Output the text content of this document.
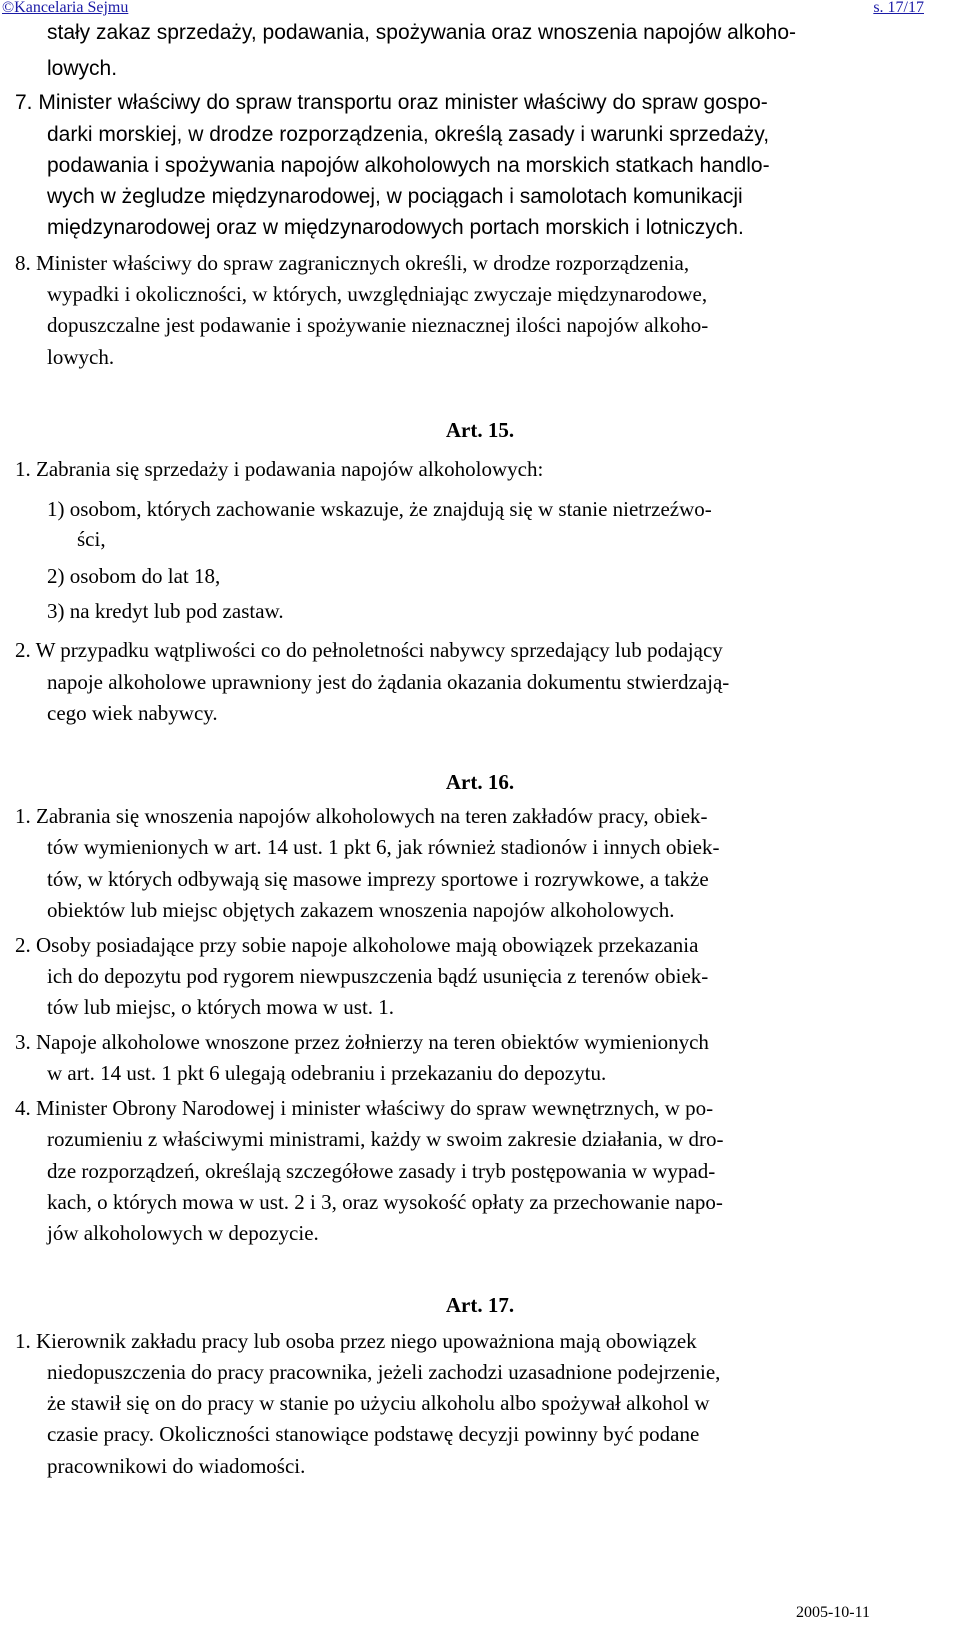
©Kancelaria Sejmu	s. 17/17
stały zakaz sprzedaży, podawania, spożywania oraz wnoszenia napojów alkoho-
lowych.
7. Minister właściwy do spraw transportu oraz minister właściwy do spraw gospo-
darki morskiej, w drodze rozporządzenia, określą zasady i warunki sprzedaży,
podawania i spożywania napojów alkoholowych na morskich statkach handlo-
wych w żegludze międzynarodowej, w pociągach i samolotach komunikacji
międzynarodowej oraz w międzynarodowych portach morskich i lotniczych.
8. Minister właściwy do spraw zagranicznych określi, w drodze rozporządzenia,
wypadki i okoliczności, w których, uwzględniając zwyczaje międzynarodowe,
dopuszczalne jest podawanie i spożywanie nieznacznej ilości napojów alkoho-
lowych.
Art. 15.
1. Zabrania się sprzedaży i podawania napojów alkoholowych:
1) osobom, których zachowanie wskazuje, że znajdują się w stanie nietrzeźwo-
ści,
2) osobom do lat 18,
3) na kredyt lub pod zastaw.
2. W przypadku wątpliwości co do pełnoletności nabywcy sprzedający lub podający
napoje alkoholowe uprawniony jest do żądania okazania dokumentu stwierdzają-
cego wiek nabywcy.
Art. 16.
1. Zabrania się wnoszenia napojów alkoholowych na teren zakładów pracy, obiek-
tów wymienionych w art. 14 ust. 1 pkt 6, jak również stadionów i innych obiek-
tów, w których odbywają się masowe imprezy sportowe i rozrywkowe, a także
obiektów lub miejsc objętych zakazem wnoszenia napojów alkoholowych.
2. Osoby posiadające przy sobie napoje alkoholowe mają obowiązek przekazania
ich do depozytu pod rygorem niewpuszczenia bądź usunięcia z terenów obiek-
tów lub miejsc, o których mowa w ust. 1.
3. Napoje alkoholowe wnoszone przez żołnierzy na teren obiektów wymienionych
w art. 14 ust. 1 pkt 6 ulegają odebraniu i przekazaniu do depozytu.
4. Minister Obrony Narodowej i minister właściwy do spraw wewnętrznych, w po-
rozumieniu z właściwymi ministrami, każdy w swoim zakresie działania, w dro-
dze rozporządzeń, określają szczegółowe zasady i tryb postępowania w wypad-
kach, o których mowa w ust. 2 i 3, oraz wysokość opłaty za przechowanie napo-
jów alkoholowych w depozycie.
Art. 17.
1. Kierownik zakładu pracy lub osoba przez niego upoważniona mają obowiązek
niedopuszczenia do pracy pracownika, jeżeli zachodzi uzasadnione podejrzenie,
że stawił się on do pracy w stanie po użyciu alkoholu albo spożywał alkohol w
czasie pracy. Okoliczności stanowiące podstawę decyzji powinny być podane
pracownikowi do wiadomości.
2005-10-11
